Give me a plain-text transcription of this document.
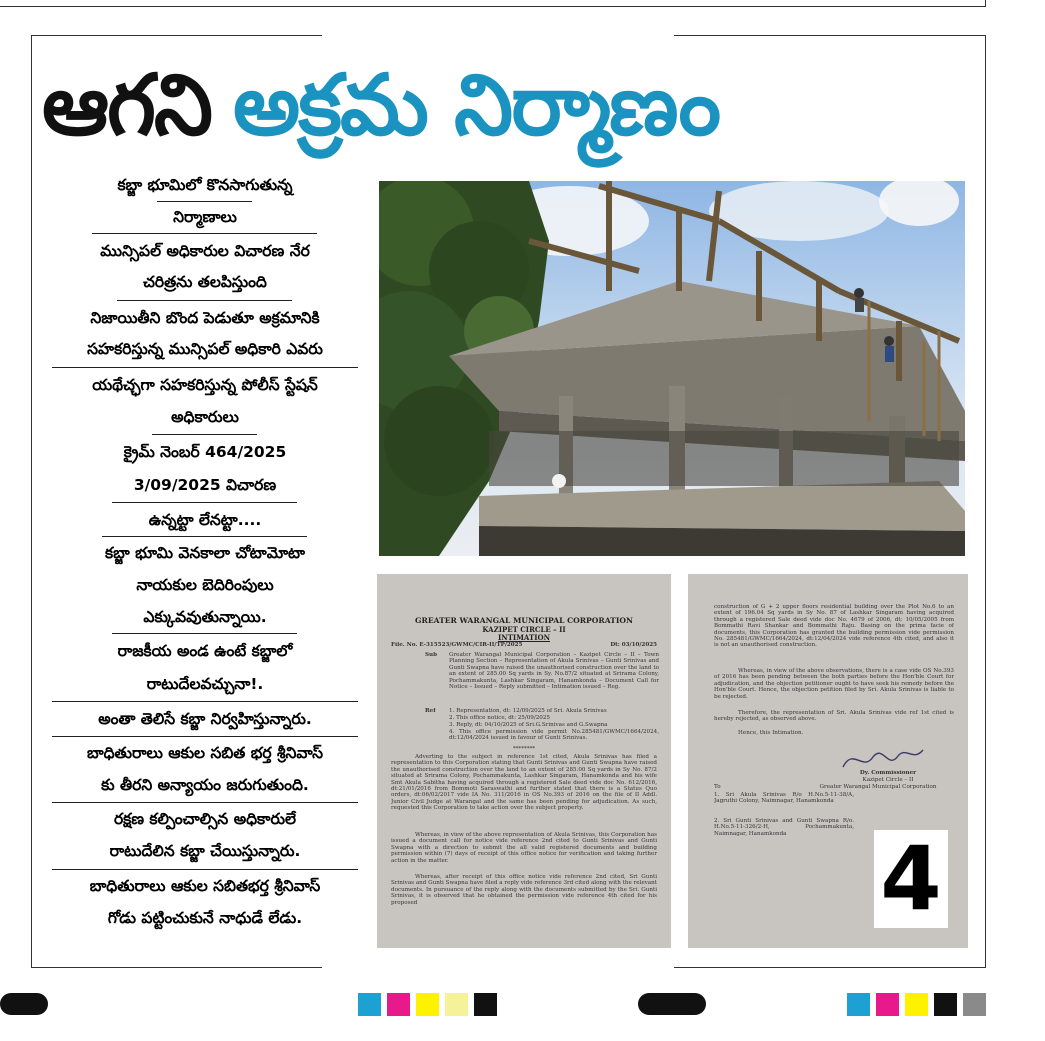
ఆగని అక్రమ నిర్మాణం
కబ్జా భూమిలో కొనసాగుతున్న
నిర్మాణాలు
మున్సిపల్ అధికారుల విచారణ నేర
చరిత్రను తలపిస్తుంది
నిజాయితీని బొంద పెడుతూ అక్రమానికి
సహకరిస్తున్న మున్సిపల్ అధికారి ఎవరు
యథేచ్ఛగా సహకరిస్తున్న పోలీస్ స్టేషన్
అధికారులు
క్రైమ్ నెంబర్ 464/2025
3/09/2025 విచారణ
ఉన్నట్టా లేనట్టా....
కబ్జా భూమి వెనకాలా చోటామోటా
నాయకుల బెదిరింపులు
ఎక్కువవుతున్నాయి.
రాజకీయ అండ ఉంటే కబ్జాలో
రాటుదేలవచ్చునా!.
అంతా తెలిసే కబ్జా నిర్వహిస్తున్నారు.
బాధితురాలు ఆకుల సబిత భర్త శ్రీనివాస్
కు తీరని అన్యాయం జరుగుతుంది.
రక్షణ కల్పించాల్సిన అధికారులే
రాటుదేలిన కబ్జా చేయిస్తున్నారు.
బాధితురాలు ఆకుల సబితభర్త శ్రీనివాస్
గోడు పట్టించుకునే నాధుడే లేడు.
GREATER WARANGAL MUNICIPAL CORPORATION
KAZIPET CIRCLE – II
INTIMATION
File. No. E-315523/GWMC/CIR-II/TP/2025	Dt: 03/10/2025
Sub	Greater Warangal Municipal Corporation – Kazipet Circle – II – Town Planning Section – Representation of Akula Srinivas – Gunti Srinivas and Gunti Swapna have raised the unauthorised construction over the land to an extent of 285.00 Sq yards in Sy. No.87/2 situated at Srirama Colony, Pochammakunta, Lashkar Singaram, Hanamkonda – Document Call for Notice – Issued – Reply submitted – Intimation issued – Reg.
Ref	1. Representation, dt: 12/09/2025 of Sri. Akula Srinivas
2. This office notice, dt: 25/09/2025
3. Reply, dt: 04/10/2025 of Sri.G.Srinivas and G.Swapna
4. This office permission vide permit No.285481/GWMC/1664/2024, dt:12/04/2024 issued in favour of Gunti Srinivas.
********
Adverting to the subject in reference 1st cited, Akula Srinivas has filed a representation to this Corporation stating that Gunti Srinivas and Gunti Swapna have raised the unauthorised construction over the land to an extent of 285.00 Sq yards in Sy No. 87/2 situated at Srirama Colony, Pochammakunta, Lashkar Singaram, Hanamkonda and his wife Smt Akula Sabitha having acquired through a registered Sale deed vide doc No. 612/2016, dt:21/01/2016 from Bommoti Saraswathi and further stated that there is a Status Quo orders, dt:06/02/2017 vide IA No. 311/2016 in OS No.393 of 2016 on the file of II Addl. Junior Civil Judge at Warangal and the same has been pending for adjudication. As such, requested this Corporation to take action over the subject property.
Whereas, in view of the above representation of Akula Srinivas, this Corporation has issued a document call for notice vide reference 2nd cited to Gunti Srinivas and Gunti Swapna with a direction to submit the all valid registered documents and building permission within (7) days of receipt of this office notice for verification and taking further action in the matter.
Whereas, after receipt of this office notice vide reference 2nd cited, Sri Gunti Srinivas and Gunti Swapna have filed a reply vide reference 3rd cited along with the relevant documents. In pursuance of the reply along with the documents submitted by the Sri. Gunti Srinivas, it is observed that he obtained the permission vide reference 4th cited for his proposed
construction of G + 2 upper floors residential building over the Plot No.6 to an extent of 196.04 Sq yards in Sy No. 87 of Lashkar Singaram having acquired through a registered Sale deed vide doc No. 4679 of 2006, dt: 10/05/2005 from Bommathi Ravi Shankar and Bommathi Raju. Basing on the prima facie of documents, this Corporation has granted the building permission vide permission No. 285481/GWMC/1664/2024, dt:12/04/2024 vide reference 4th cited, and also it is not an unauthorised construction.
Whereas, in view of the above observations, there is a case vide OS No.393 of 2016 has been pending between the both parties before the Hon'ble Court for adjudication, and the objection petitioner ought to have seek his remedy before the Hon'ble Court. Hence, the objection petition filed by Sri. Akula Srinivas is liable to be rejected.
Therefore, the representation of Sri. Akula Srinivas vide ref 1st cited is hereby rejected, as observed above.
Hence, this Intimation.
Dy. Commissioner
Kazipet Circle – II
Greater Warangal Municipal Corporation
To
1. Sri Akula Srinivas R/o H.No.5-11-38/A, Jagruthi Colony, Naimnagar, Hanamkonda
2. Sri Gunti Srinivas and Gunti Swapna R/o. H.No.5-11-326/2-H, Pochammakunta, Naimnagar, Hanamkonda	4
